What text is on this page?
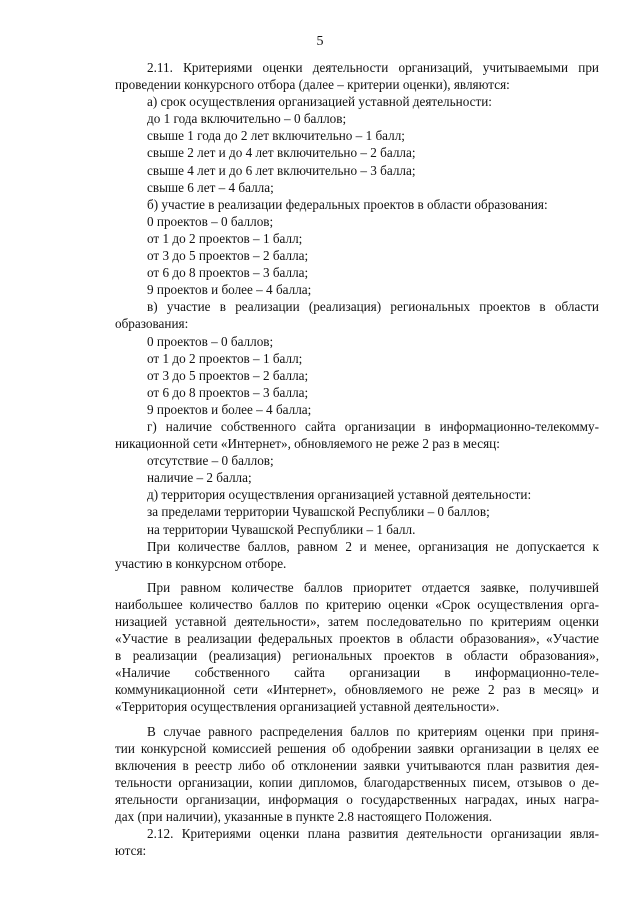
5
2.11. Критериями оценки деятельности организаций, учитываемыми при
проведении конкурсного отбора (далее – критерии оценки), являются:
а) срок осуществления организацией уставной деятельности:
до 1 года включительно – 0 баллов;
свыше 1 года до 2 лет включительно – 1 балл;
свыше 2 лет и до 4 лет включительно – 2 балла;
свыше 4 лет и до 6 лет включительно – 3 балла;
свыше 6 лет – 4 балла;
б) участие в реализации федеральных проектов в области образования:
0 проектов – 0 баллов;
от 1 до 2 проектов – 1 балл;
от 3 до 5 проектов – 2 балла;
от 6 до 8 проектов – 3 балла;
9 проектов и более – 4 балла;
в) участие в реализации (реализация) региональных проектов в области
образования:
0 проектов – 0 баллов;
от 1 до 2 проектов – 1 балл;
от 3 до 5 проектов – 2 балла;
от 6 до 8 проектов – 3 балла;
9 проектов и более – 4 балла;
г) наличие собственного сайта организации в информационно-телекомму-
никационной сети «Интернет», обновляемого не реже 2 раз в месяц:
отсутствие – 0 баллов;
наличие – 2 балла;
д) территория осуществления организацией уставной деятельности:
за пределами территории Чувашской Республики – 0 баллов;
на территории Чувашской Республики – 1 балл.
При количестве баллов, равном 2 и менее, организация не допускается к
участию в конкурсном отборе.
При равном количестве баллов приоритет отдается заявке, получившей
наибольшее количество баллов по критерию оценки «Срок осуществления орга-
низацией уставной деятельности», затем последовательно по критериям оценки
«Участие в реализации федеральных проектов в области образования», «Участие
в реализации (реализация) региональных проектов в области образования»,
«Наличие собственного сайта организации в информационно-теле-
коммуникационной сети «Интернет», обновляемого не реже 2 раз в месяц» и
«Территория осуществления организацией уставной деятельности».
В случае равного распределения баллов по критериям оценки при приня-
тии конкурсной комиссией решения об одобрении заявки организации в целях ее
включения в реестр либо об отклонении заявки учитываются план развития дея-
тельности организации, копии дипломов, благодарственных писем, отзывов о де-
ятельности организации, информация о государственных наградах, иных награ-
дах (при наличии), указанные в пункте 2.8 настоящего Положения.
2.12. Критериями оценки плана развития деятельности организации явля-
ются:
